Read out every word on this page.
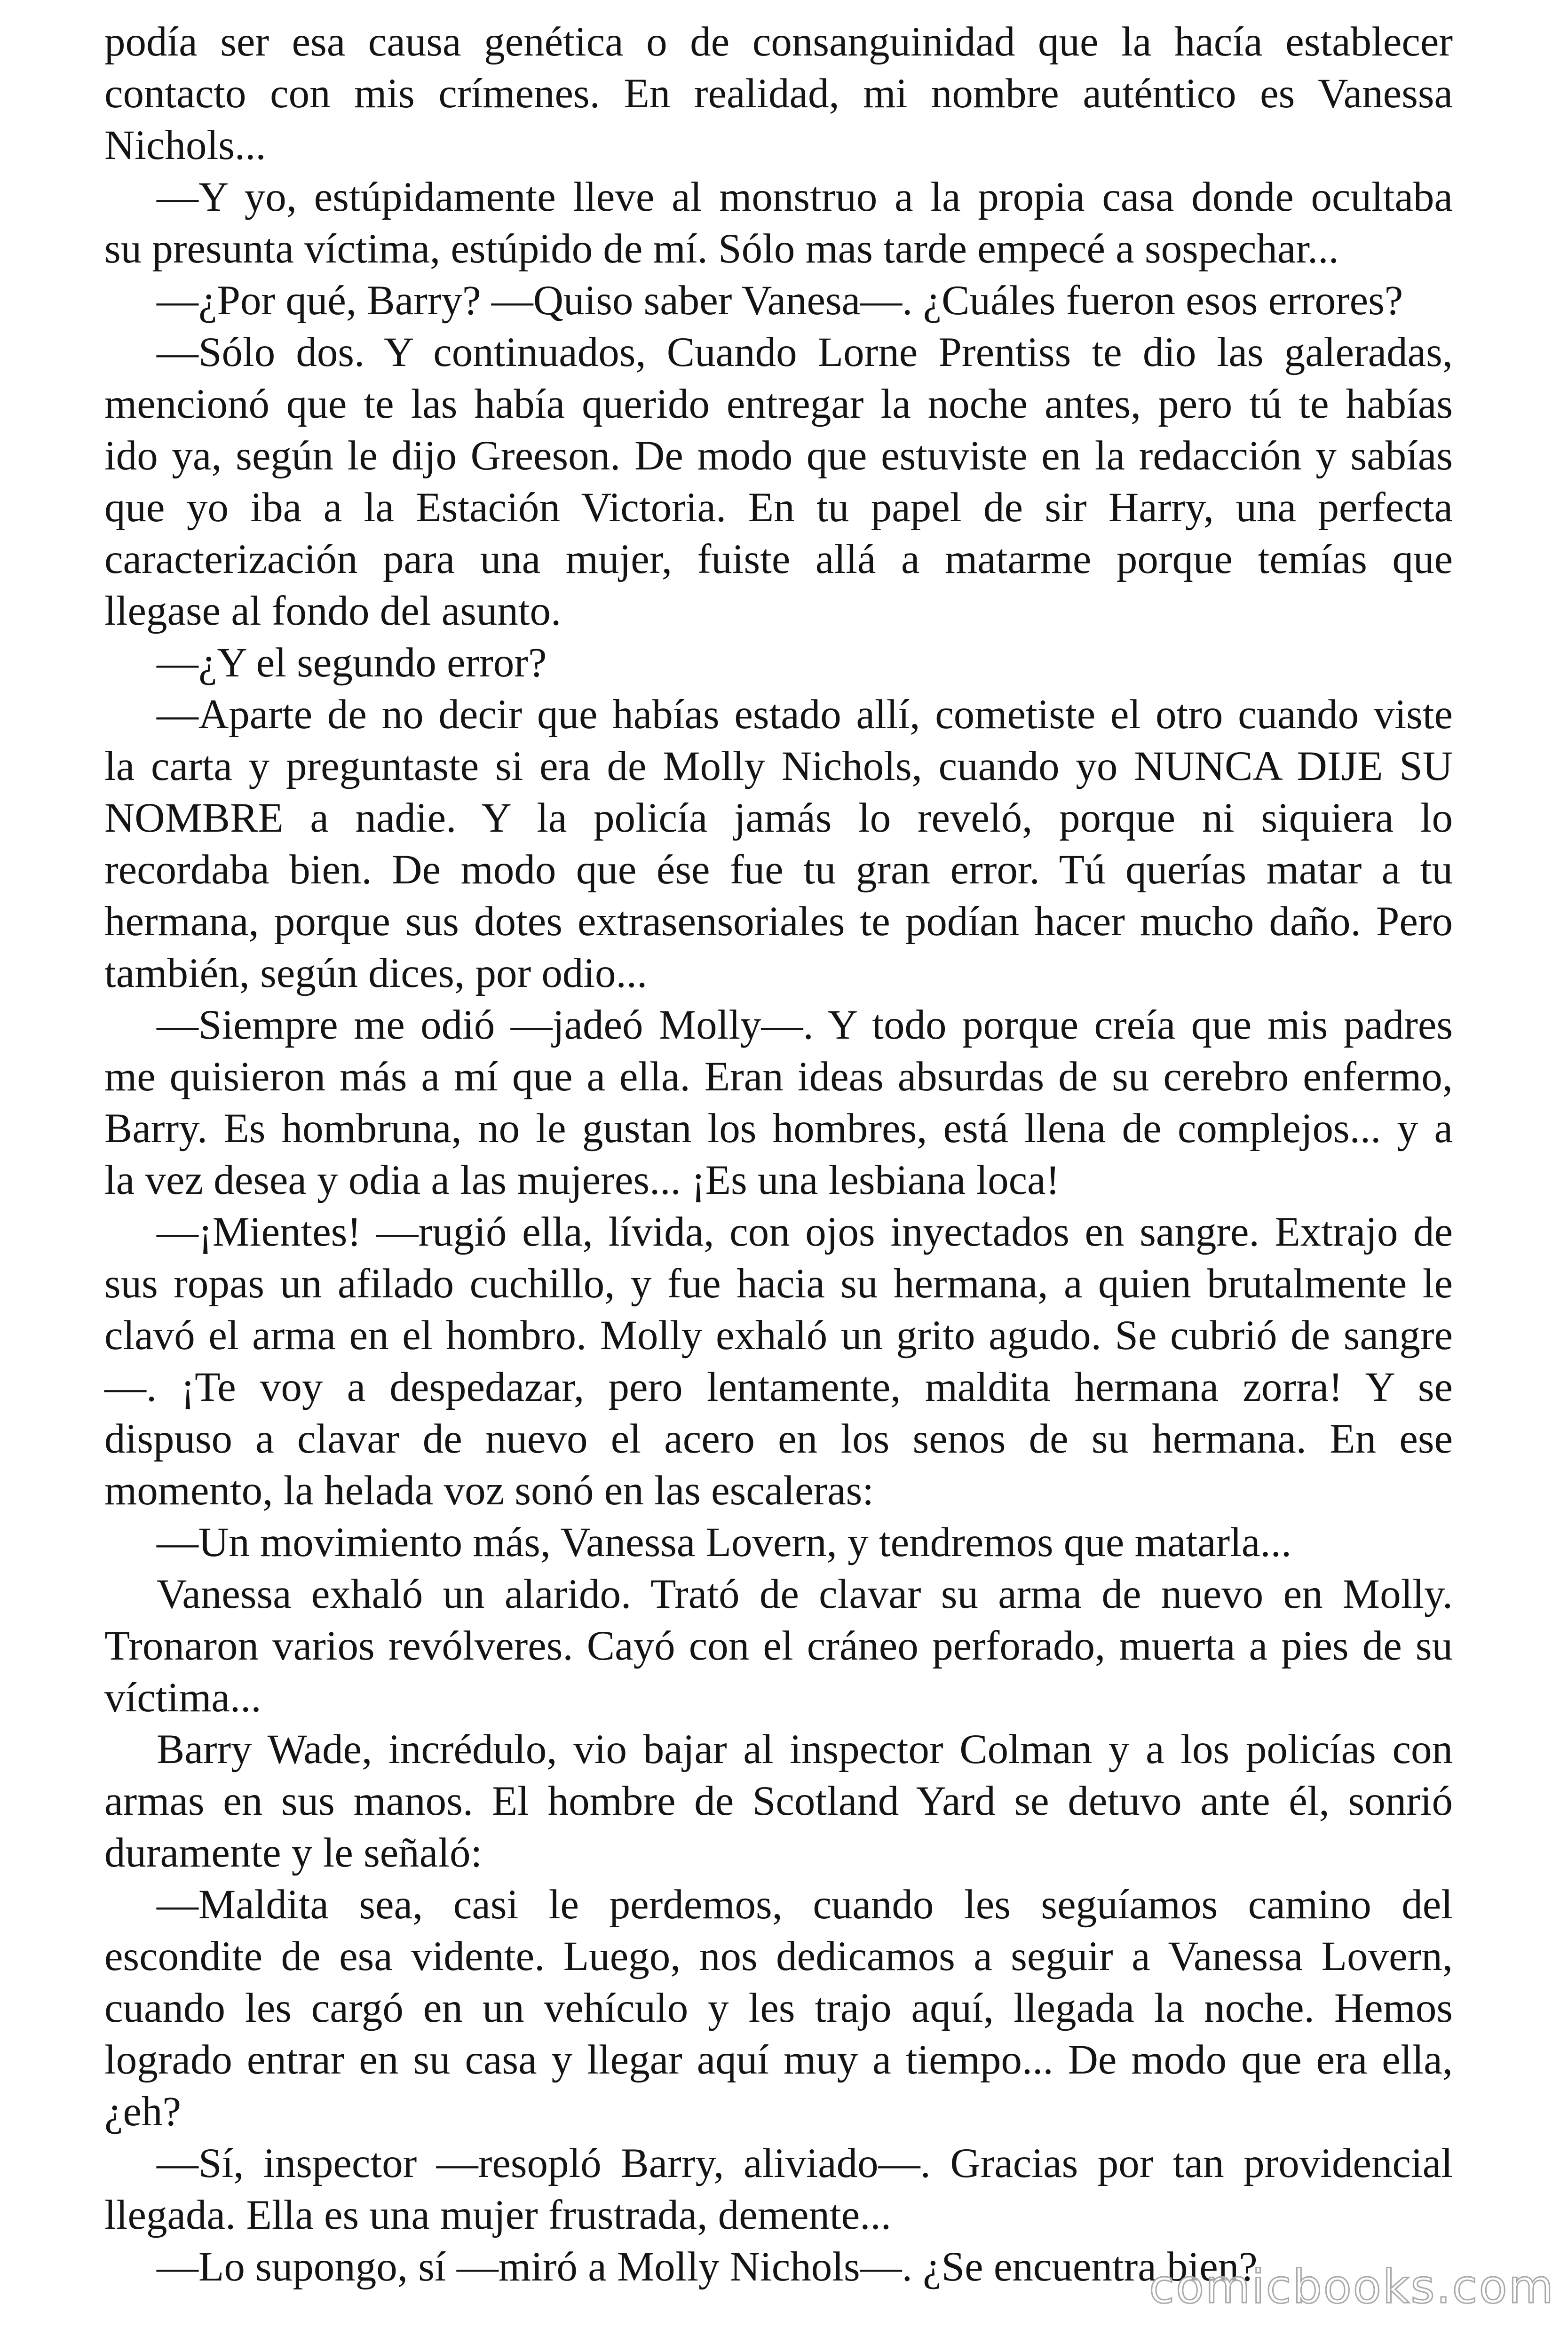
podía ser esa causa genética o de consanguinidad que la hacía establecer
contacto con mis crímenes. En realidad, mi nombre auténtico es Vanessa
Nichols...
—Y yo, estúpidamente lleve al monstruo a la propia casa donde ocultaba
su presunta víctima, estúpido de mí. Sólo mas tarde empecé a sospechar...
—¿Por qué, Barry? —Quiso saber Vanesa—. ¿Cuáles fueron esos errores?
—Sólo dos. Y continuados, Cuando Lorne Prentiss te dio las galeradas,
mencionó que te las había querido entregar la noche antes, pero tú te habías
ido ya, según le dijo Greeson. De modo que estuviste en la redacción y sabías
que yo iba a la Estación Victoria. En tu papel de sir Harry, una perfecta
caracterización para una mujer, fuiste allá a matarme porque temías que
llegase al fondo del asunto.
—¿Y el segundo error?
—Aparte de no decir que habías estado allí, cometiste el otro cuando viste
la carta y preguntaste si era de Molly Nichols, cuando yo NUNCA DIJE SU
NOMBRE a nadie. Y la policía jamás lo reveló, porque ni siquiera lo
recordaba bien. De modo que ése fue tu gran error. Tú querías matar a tu
hermana, porque sus dotes extrasensoriales te podían hacer mucho daño. Pero
también, según dices, por odio...
—Siempre me odió —jadeó Molly—. Y todo porque creía que mis padres
me quisieron más a mí que a ella. Eran ideas absurdas de su cerebro enfermo,
Barry. Es hombruna, no le gustan los hombres, está llena de complejos... y a
la vez desea y odia a las mujeres... ¡Es una lesbiana loca!
—¡Mientes! —rugió ella, lívida, con ojos inyectados en sangre. Extrajo de
sus ropas un afilado cuchillo, y fue hacia su hermana, a quien brutalmente le
clavó el arma en el hombro. Molly exhaló un grito agudo. Se cubrió de sangre
—. ¡Te voy a despedazar, pero lentamente, maldita hermana zorra! Y se
dispuso a clavar de nuevo el acero en los senos de su hermana. En ese
momento, la helada voz sonó en las escaleras:
—Un movimiento más, Vanessa Lovern, y tendremos que matarla...
Vanessa exhaló un alarido. Trató de clavar su arma de nuevo en Molly.
Tronaron varios revólveres. Cayó con el cráneo perforado, muerta a pies de su
víctima...
Barry Wade, incrédulo, vio bajar al inspector Colman y a los policías con
armas en sus manos. El hombre de Scotland Yard se detuvo ante él, sonrió
duramente y le señaló:
—Maldita sea, casi le perdemos, cuando les seguíamos camino del
escondite de esa vidente. Luego, nos dedicamos a seguir a Vanessa Lovern,
cuando les cargó en un vehículo y les trajo aquí, llegada la noche. Hemos
logrado entrar en su casa y llegar aquí muy a tiempo... De modo que era ella,
¿eh?
—Sí, inspector —resopló Barry, aliviado—. Gracias por tan providencial
llegada. Ella es una mujer frustrada, demente...
—Lo supongo, sí —miró a Molly Nichols—. ¿Se encuentra bien?
comicbooks.com
